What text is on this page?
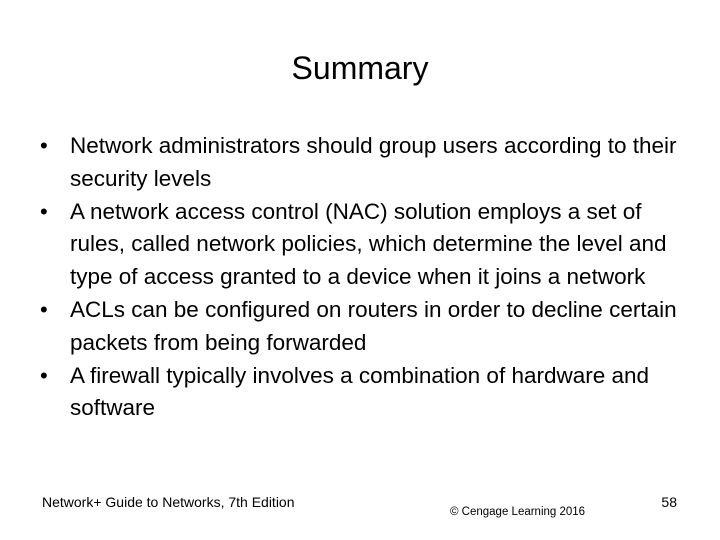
Summary
• Network administrators should group users according to their security levels
• A network access control (NAC) solution employs a set of rules, called network policies, which determine the level and type of access granted to a device when it joins a network
• ACLs can be configured on routers in order to decline certain packets from being forwarded
• A firewall typically involves a combination of hardware and software
Network+ Guide to Networks, 7th Edition
© Cengage Learning 2016
58
